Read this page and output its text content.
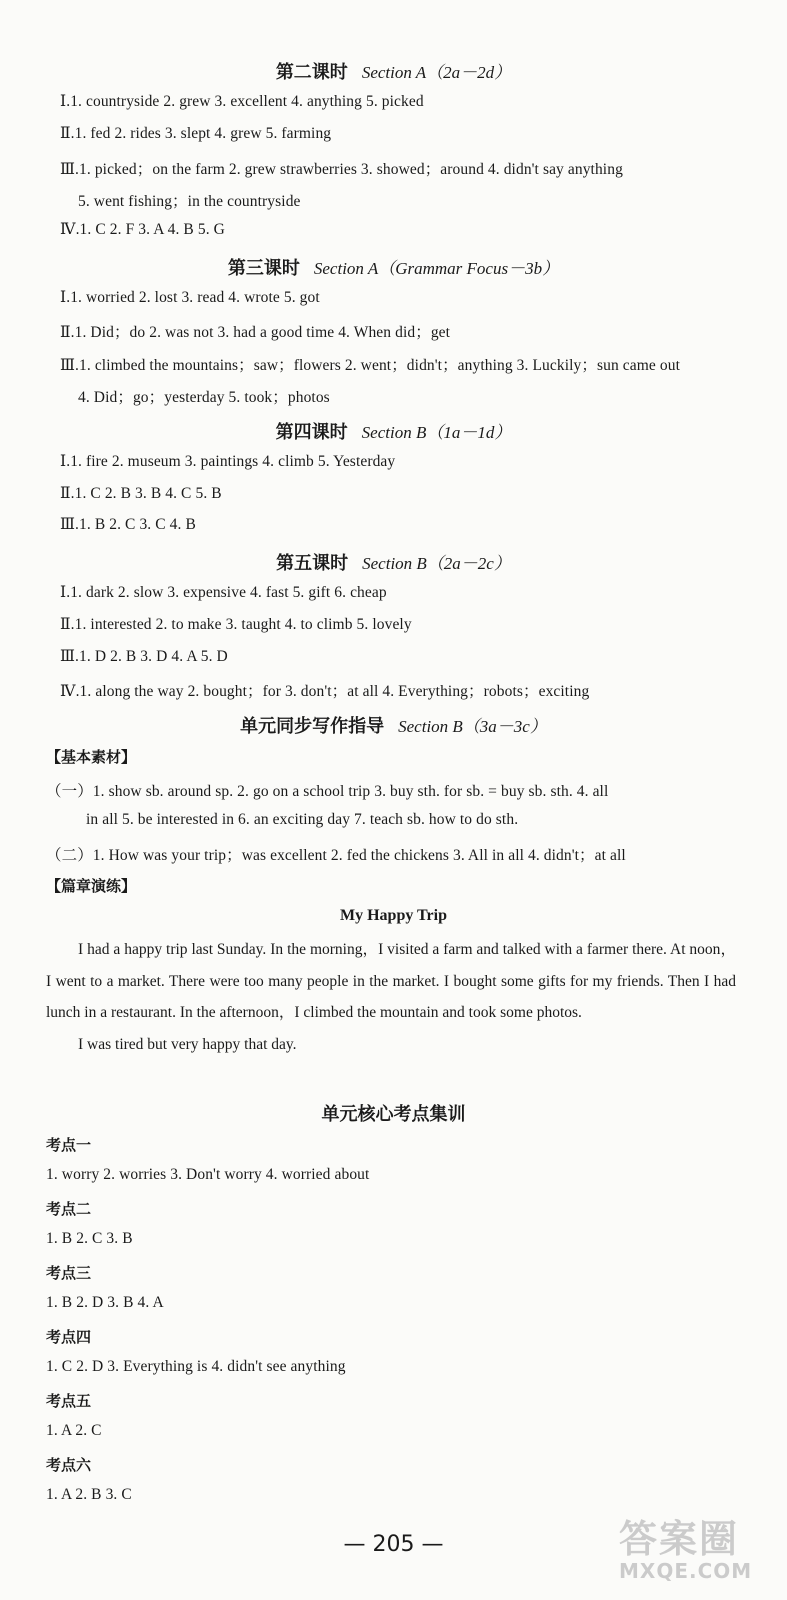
第二课时 Section A（2a－2d）
Ⅰ.1. countryside 2. grew 3. excellent 4. anything 5. picked
Ⅱ.1. fed 2. rides 3. slept 4. grew 5. farming
Ⅲ.1. picked；on the farm 2. grew strawberries 3. showed；around 4. didn't say anything
5. went fishing；in the countryside
Ⅳ.1. C 2. F 3. A 4. B 5. G
第三课时 Section A（Grammar Focus－3b）
Ⅰ.1. worried 2. lost 3. read 4. wrote 5. got
Ⅱ.1. Did；do 2. was not 3. had a good time 4. When did；get
Ⅲ.1. climbed the mountains；saw；flowers 2. went；didn't；anything 3. Luckily；sun came out
4. Did；go；yesterday 5. took；photos
第四课时 Section B（1a－1d）
Ⅰ.1. fire 2. museum 3. paintings 4. climb 5. Yesterday
Ⅱ.1. C 2. B 3. B 4. C 5. B
Ⅲ.1. B 2. C 3. C 4. B
第五课时 Section B（2a－2c）
Ⅰ.1. dark 2. slow 3. expensive 4. fast 5. gift 6. cheap
Ⅱ.1. interested 2. to make 3. taught 4. to climb 5. lovely
Ⅲ.1. D 2. B 3. D 4. A 5. D
Ⅳ.1. along the way 2. bought；for 3. don't；at all 4. Everything；robots；exciting
单元同步写作指导 Section B（3a－3c）
【基本素材】
（一）1. show sb. around sp. 2. go on a school trip 3. buy sth. for sb. = buy sb. sth. 4. all
in all 5. be interested in 6. an exciting day 7. teach sb. how to do sth.
（二）1. How was your trip；was excellent 2. fed the chickens 3. All in all 4. didn't；at all
【篇章演练】
My Happy Trip

I had a happy trip last Sunday. In the morning，I visited a farm and talked with a farmer there. At noon，I went to a market. There were too many people in the market. I bought some gifts for my friends. Then I had lunch in a restaurant. In the afternoon，I climbed the mountain and took some photos.

I was tired but very happy that day.

单元核心考点集训
考点一
1. worry 2. worries 3. Don't worry 4. worried about
考点二
1. B 2. C 3. B
考点三
1. B 2. D 3. B 4. A
考点四
1. C 2. D 3. Everything is 4. didn't see anything
考点五
1. A 2. C
考点六
1. A 2. B 3. C
— 205 —	答案圈
MXQE.COM
